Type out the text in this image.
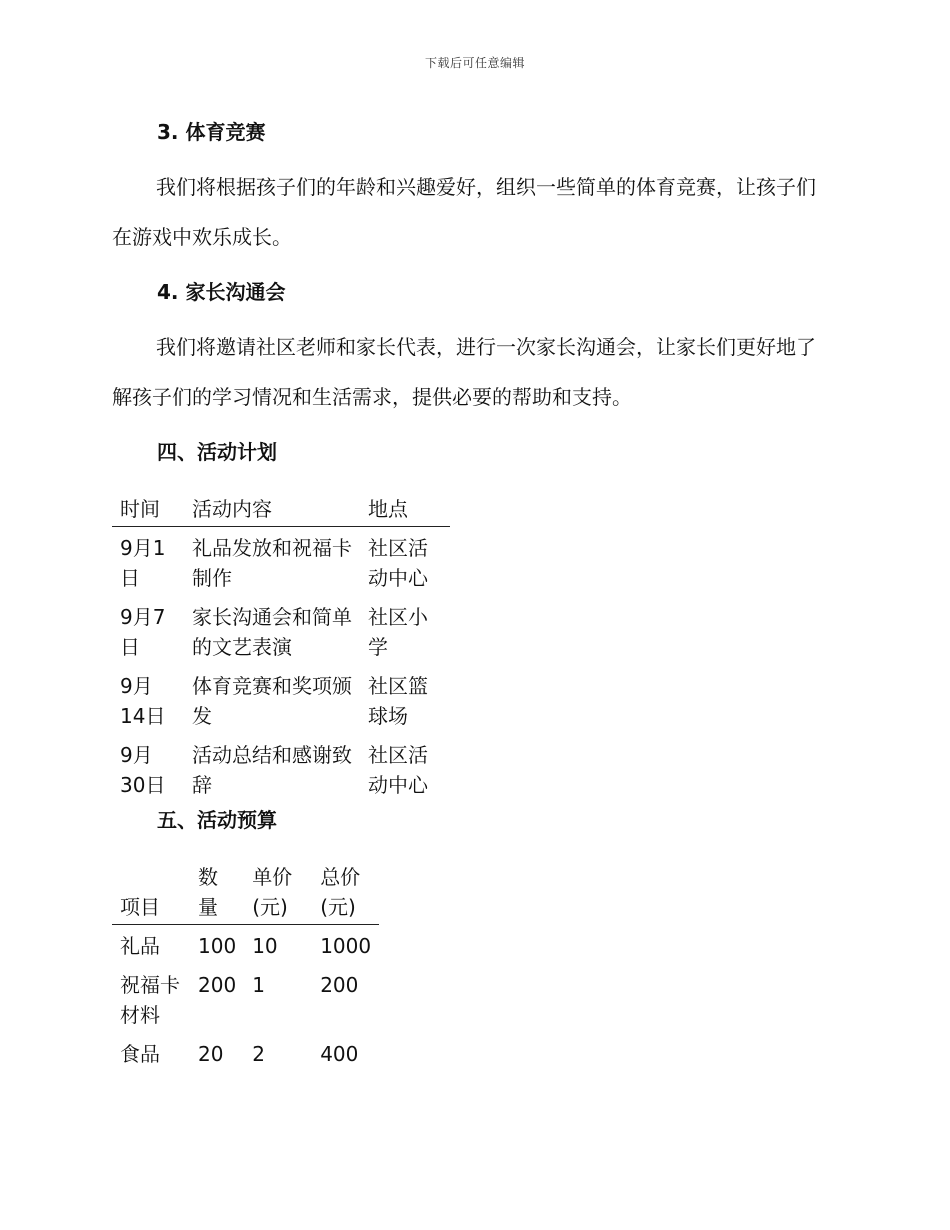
下载后可任意编辑
3. 体育竞赛
我们将根据孩子们的年龄和兴趣爱好，组织一些简单的体育竞赛，让孩子们在游戏中欢乐成长。
4. 家长沟通会
我们将邀请社区老师和家长代表，进行一次家长沟通会，让家长们更好地了解孩子们的学习情况和生活需求，提供必要的帮助和支持。
四、活动计划
时间	活动内容	地点
9月1日	礼品发放和祝福卡制作	社区活动中心
9月7日	家长沟通会和简单的文艺表演	社区小学
9月14日	体育竞赛和奖项颁发	社区篮球场
9月30日	活动总结和感谢致辞	社区活动中心
五、活动预算
项目	数量	单价(元)	总价(元)
礼品	100	10	1000
祝福卡材料	200	1	200
食品	20	2	400
